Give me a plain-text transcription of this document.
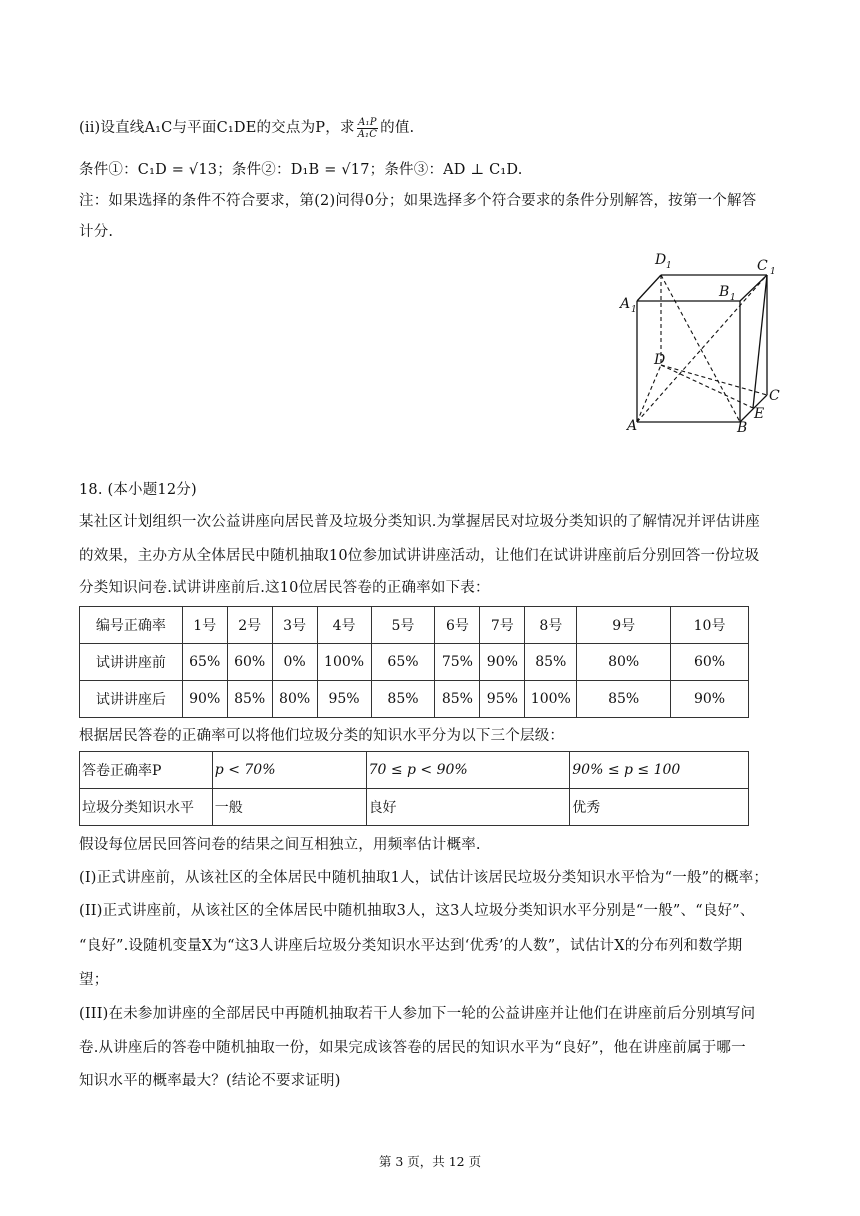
(ii)设直线A₁C与平面C₁DE的交点为P，求 $\frac{\text{A₁P}}{\text{A₁C}}$ 的值.
条件①：C₁D = √13；条件②：D₁B = √17；条件③：AD ⊥ C₁D.
注：如果选择的条件不符合要求，第(2)问得0分；如果选择多个符合要求的条件分别解答，按第一个解答
计分.
D 1	C 1
A 1
B 1
D
C
A	B
E
18. (本小题12分)
某社区计划组织一次公益讲座向居民普及垃圾分类知识.为掌握居民对垃圾分类知识的了解情况并评估讲座
的效果，主办方从全体居民中随机抽取10位参加试讲讲座活动，让他们在试讲讲座前后分别回答一份垃圾
分类知识问卷.试讲讲座前后.这10位居民答卷的正确率如下表：
编号正确率	1号	2号	3号	4号	5号	6号	7号	8号	9号	10号
试讲讲座前	65%	60%	0%	100%	65%	75%	90%	85%	80%	60%
试讲讲座后	90%	85%	80%	95%	85%	85%	95%	100%	85%	90%
根据居民答卷的正确率可以将他们垃圾分类的知识水平分为以下三个层级：
答卷正确率P	p < 70%	70 ≤ p < 90%	90% ≤ p ≤ 100
垃圾分类知识水平	一般	良好	优秀
假设每位居民回答问卷的结果之间互相独立，用频率估计概率.
(I)正式讲座前，从该社区的全体居民中随机抽取1人，试估计该居民垃圾分类知识水平恰为“一般”的概率；
(II)正式讲座前，从该社区的全体居民中随机抽取3人，这3人垃圾分类知识水平分别是“一般”、“良好”、
“良好”.设随机变量X为“这3人讲座后垃圾分类知识水平达到‘优秀’的人数”，试估计X的分布列和数学期
望；
(III)在未参加讲座的全部居民中再随机抽取若干人参加下一轮的公益讲座并让他们在讲座前后分别填写问
卷.从讲座后的答卷中随机抽取一份，如果完成该答卷的居民的知识水平为“良好”，他在讲座前属于哪一
知识水平的概率最大？(结论不要求证明)
第 3 页，共 12 页
